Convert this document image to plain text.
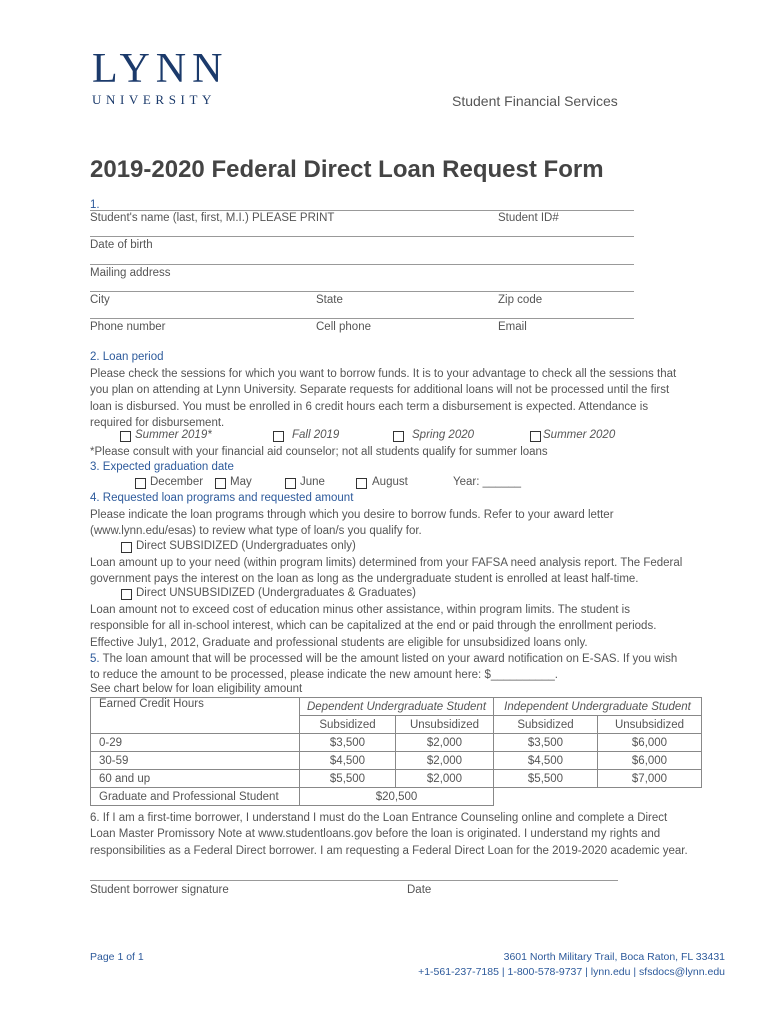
LYNN
UNIVERSITY	Student Financial Services
2019-2020 Federal Direct Loan Request Form
1.
Student's name (last, first, M.I.) PLEASE PRINT	Student ID#
Date of birth
Mailing address
City	State	Zip code
Phone number	Cell phone	Email
2. Loan period
Please check the sessions for which you want to borrow funds. It is to your advantage to check all the sessions that you plan on attending at Lynn University. Separate requests for additional loans will not be processed until the first loan is disbursed. You must be enrolled in 6 credit hours each term a disbursement is expected. Attendance is required for disbursement.
Summer 2019*	Fall 2019	Spring 2020	Summer 2020
*Please consult with your financial aid counselor; not all students qualify for summer loans
3. Expected graduation date
December May	June	August	Year: ______
4. Requested loan programs and requested amount
Please indicate the loan programs through which you desire to borrow funds. Refer to your award letter (www.lynn.edu/esas) to review what type of loan/s you qualify for.
Direct SUBSIDIZED (Undergraduates only)
Loan amount up to your need (within program limits) determined from your FAFSA need analysis report. The Federal government pays the interest on the loan as long as the undergraduate student is enrolled at least half-time.
Direct UNSUBSIDIZED (Undergraduates & Graduates)
Loan amount not to exceed cost of education minus other assistance, within program limits. The student is responsible for all in-school interest, which can be capitalized at the end or paid through the enrollment periods. Effective July1, 2012, Graduate and professional students are eligible for unsubsidized loans only.
5. The loan amount that will be processed will be the amount listed on your award notification on E-SAS. If you wish to reduce the amount to be processed, please indicate the new amount here: $__________.
See chart below for loan eligibility amount
Earned Credit Hours	Dependent Undergraduate Student		Independent Undergraduate Student	
	Subsidized	Unsubsidized	Subsidized	Unsubsidized
0-29	$3,500	$2,000	$3,500	$6,000
30-59	$4,500	$2,000	$4,500	$6,000
60 and up	$5,500	$2,000	$5,500	$7,000
Graduate and Professional Student	$20,500			
6. If I am a first-time borrower, I understand I must do the Loan Entrance Counseling online and complete a Direct Loan Master Promissory Note at www.studentloans.gov before the loan is originated. I understand my rights and responsibilities as a Federal Direct borrower. I am requesting a Federal Direct Loan for the 2019-2020 academic year.
Student borrower signature	Date
Page 1 of 1	3601 North Military Trail, Boca Raton, FL 33431
+1-561-237-7185 | 1-800-578-9737 | lynn.edu | sfsdocs@lynn.edu
